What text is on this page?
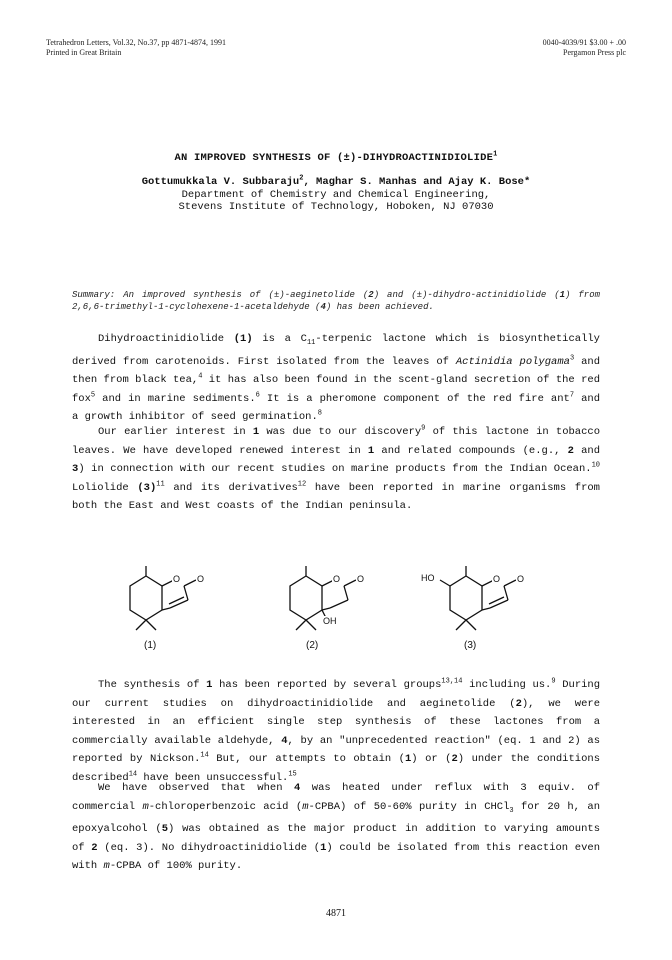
Tetrahedron Letters, Vol.32, No.37, pp 4871-4874, 1991
Printed in Great Britain
0040-4039/91 $3.00 + .00
Pergamon Press plc
AN IMPROVED SYNTHESIS OF $(\pm)-DIHYDROACTINIDIOLIDE^1$
Gottumukkala V. Subbaraju$^2$, Maghar S. Manhas and Ajay K. Bose*
Department of Chemistry and Chemical Engineering,
Stevens Institute of Technology, Hoboken, NJ 07030
Summary: An improved synthesis of (±)-aeginetolide (2) and (±)-dihydro-actinidiolide (1) from 2,6,6-trimethyl-1-cyclohexene-1-acetaldehyde (4) has been achieved.
Dihydroactinidiolide (1) is a $C_{11}$-terpenic lactone which is biosynthetically derived from carotenoids. First isolated from the leaves of Actinidia polygama$^3$ and then from black tea,$^4$ it has also been found in the scent-gland secretion of the red fox$^5$ and in marine sediments.$^6$ It is a pheromone component of the red fire ant$^7$ and a growth inhibitor of seed germination.$^8$
Our earlier interest in 1 was due to our discovery$^9$ of this lactone in tobacco leaves. We have developed renewed interest in 1 and related compounds (e.g., 2 and 3) in connection with our recent studies on marine products from the Indian Ocean.$^{10}$ Loliolide $(3)^{11}$ and its derivatives$^{12}$ have been reported in marine organisms from both the East and West coasts of the Indian peninsula.
O O
(1)
O O
OH
(2)
HO	O O
(3)
The synthesis of 1 has been reported by several groups$^{13,14}$ including us.$^9$ During our current studies on dihydroactinidiolide and aeginetolide (2), we were interested in an efficient single step synthesis of these lactones from a commercially available aldehyde, 4, by an "unprecedented reaction" (eq. 1 and 2) as reported by Nickson.$^{14}$ But, our attempts to obtain (1) or (2) under the conditions described$^{14}$ have been unsuccessful.$^{15}$
We have observed that when 4 was heated under reflux with 3 equiv. of commercial m-chloroperbenzoic acid (m-CPBA) of 50-60% purity in CHCl$_3$ for 20 h, an epoxyalcohol (5) was obtained as the major product in addition to varying amounts of 2 (eq. 3). No dihydroactinidiolide (1) could be isolated from this reaction even with m-CPBA of 100% purity.
4871
